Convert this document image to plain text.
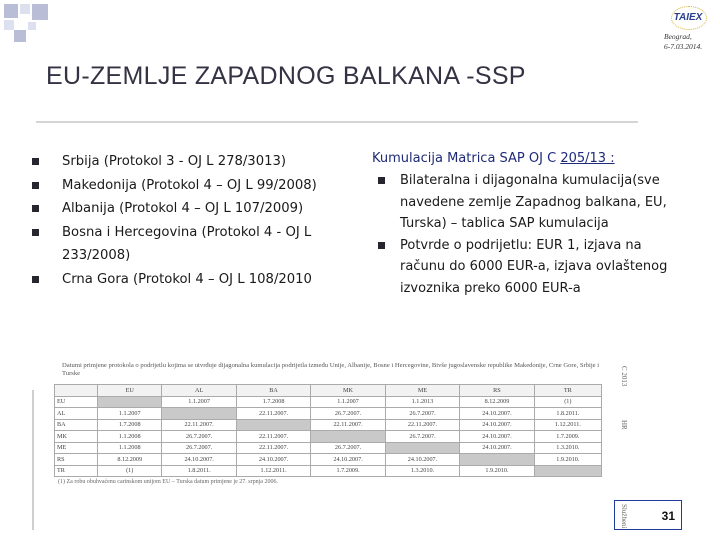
TAIEX
Beograd,
6-7.03.2014.
EU-ZEMLJE ZAPADNOG BALKANA -SSP
Srbija (Protokol 3 - OJ L 278/3013)
Makedonija (Protokol 4 – OJ L 99/2008)
Albanija (Protokol 4 – OJ L 107/2009)
Bosna i Hercegovina (Protokol 4 - OJ L 233/2008)
Crna Gora (Protokol 4 – OJ L 108/2010
Kumulacija Matrica SAP OJ C 205/13 :
Bilateralna i dijagonalna kumulacija(sve navedene zemlje Zapadnog balkana, EU, Turska) – tablica SAP kumulacija
Potvrde o podrijetlu: EUR 1, izjava na računu do 6000 EUR-a, izjava ovlaštenog izvoznika preko 6000 EUR-a
Datumi primjene protokola o podrijetlu kojima se utvrđuje dijagonalna kumulacija podrijetla između Unije, Albanije, Bosne i Hercegovine, Bivše jugoslavenske republike Makedonije, Crne Gore, Srbije i Turske
	EU	AL	BA	MK	ME	RS	TR
EU		1.1.2007	1.7.2008	1.1.2007	1.1.2013	8.12.2009	(1)
AL	1.1.2007		22.11.2007.	26.7.2007.	26.7.2007.	24.10.2007.	1.8.2011.
BA	1.7.2008	22.11.2007.		22.11.2007.	22.11.2007.	24.10.2007.	1.12.2011.
MK	1.1.2008	26.7.2007.	22.11.2007.		26.7.2007.	24.10.2007.	1.7.2009.
ME	1.1.2008	26.7.2007.	22.11.2007.	26.7.2007.		24.10.2007.	1.3.2010.
RS	8.12.2009	24.10.2007.	24.10.2007.	24.10.2007.	24.10.2007.		1.9.2010.
TR	(1)	1.8.2011.	1.12.2011.	1.7.2009.	1.3.2010.	1.9.2010.	
(1) Za robu obuhvaćenu carinskom unijom EU – Turska datum primjene je 27. srpnja 2006.
C 2013
HR
Službeni	31
